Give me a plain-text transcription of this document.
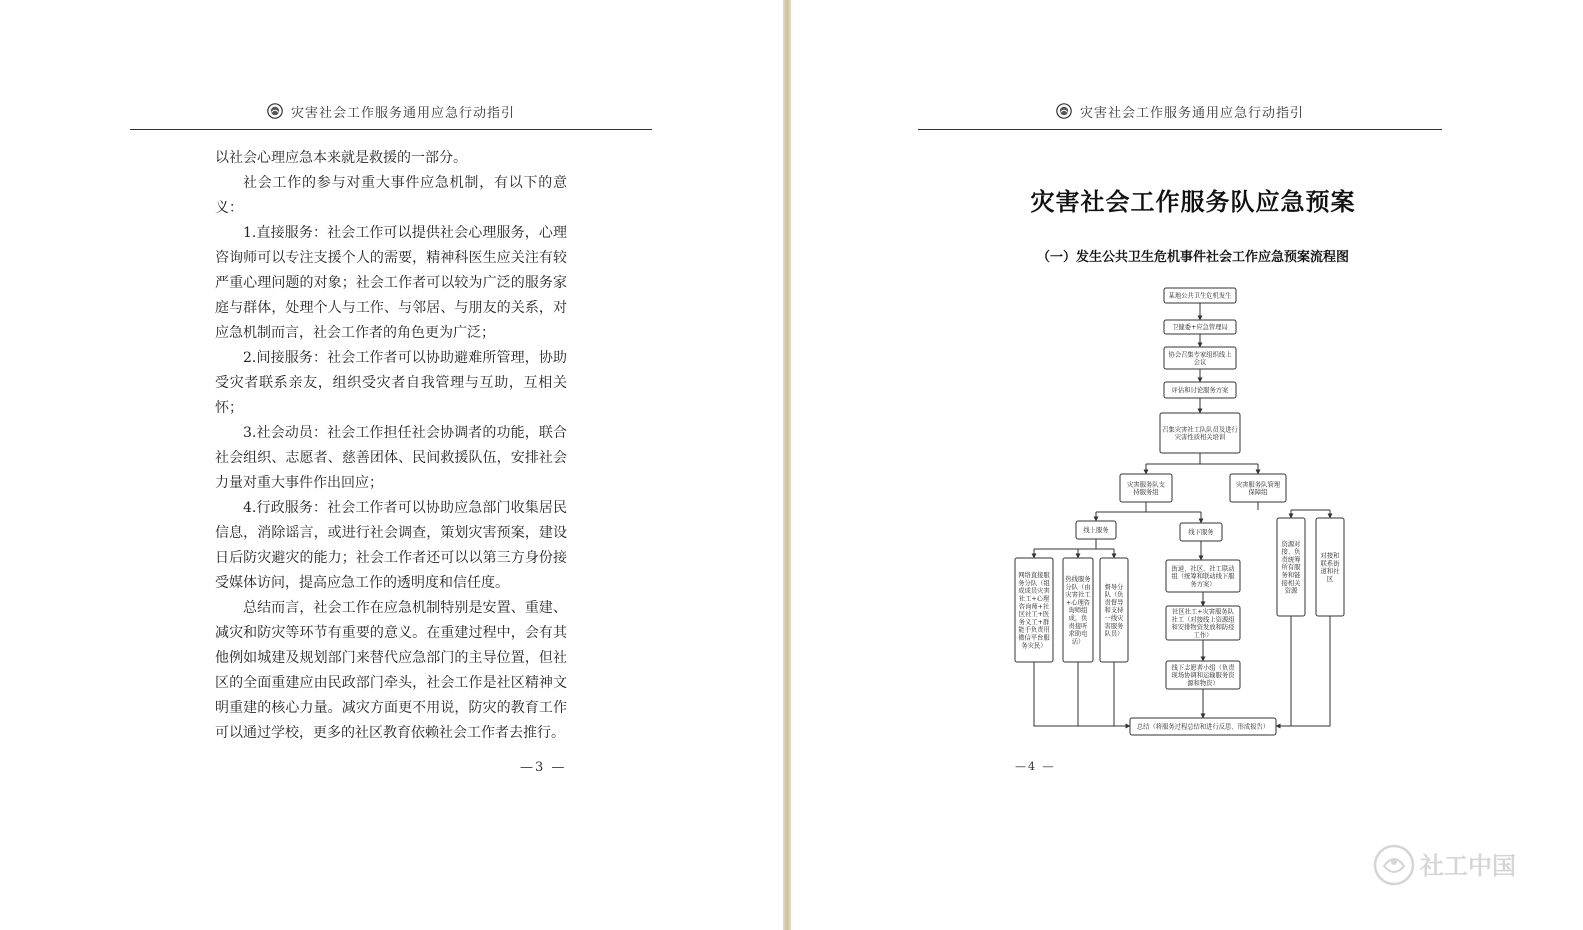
灾害社会工作服务通用应急行动指引

以社会心理应急本来就是救援的一部分。

社会工作的参与对重大事件应急机制，有以下的意义：

1.直接服务：社会工作可以提供社会心理服务，心理咨询师可以专注支援个人的需要，精神科医生应关注有较严重心理问题的对象；社会工作者可以较为广泛的服务家庭与群体，处理个人与工作、与邻居、与朋友的关系，对应急机制而言，社会工作者的角色更为广泛；

2.间接服务：社会工作者可以协助避难所管理，协助受灾者联系亲友，组织受灾者自我管理与互助，互相关怀；

3.社会动员：社会工作担任社会协调者的功能，联合社会组织、志愿者、慈善团体、民间救援队伍，安排社会力量对重大事件作出回应；

4.行政服务：社会工作者可以协助应急部门收集居民信息，消除谣言，或进行社会调查，策划灾害预案，建设日后防灾避灾的能力；社会工作者还可以以第三方身份接受媒体访问，提高应急工作的透明度和信任度。

总结而言，社会工作在应急机制特别是安置、重建、减灾和防灾等环节有重要的意义。在重建过程中，会有其他例如城建及规划部门来替代应急部门的主导位置，但社区的全面重建应由民政部门牵头，社会工作是社区精神文明重建的核心力量。减灾方面更不用说，防灾的教育工作可以通过学校，更多的社区教育依赖社会工作者去推行。

—3 —
灾害社会工作服务通用应急行动指引
灾害社会工作服务队应急预案
（一）发生公共卫生危机事件社会工作应急预案流程图
某地公共卫生危机发生
卫健委+应急管理局
协会召集专家组织线上
会议
评估和讨论服务方案
召集灾害社工队队员及进行
灾害性质相关培训
灾害服务队支
持服务组
灾害服务队管理
保障组
线上服务	线下服务
网络直接服
务分队（组
成成员灾害
社工+心理
咨询师+社
区社工+医
务义工+群
能手负责用
微信平台服
务灾民）
热线服务
分队（由
灾害社工
+心理咨
询师组
成，负
责接听
求助电
话）
督导分
队（负
责督导
和支持
一线灾
害服务
队员）
街道、社区、社工联动
组（统筹和联动线下服
务方案）
社区社工+灾害服务队
社工（对接线上资源组
和安排物资发放和防疫
工作）
线下志愿者小组（负责
现场协调和运输服务资
源和物资）
资源对
接、负
责统筹
所有服
务和链
接相关
资源
对接和
联系街
道和社
区
总结（将服务过程总结和进行反思、形成报告）
—4 —
社工中国
